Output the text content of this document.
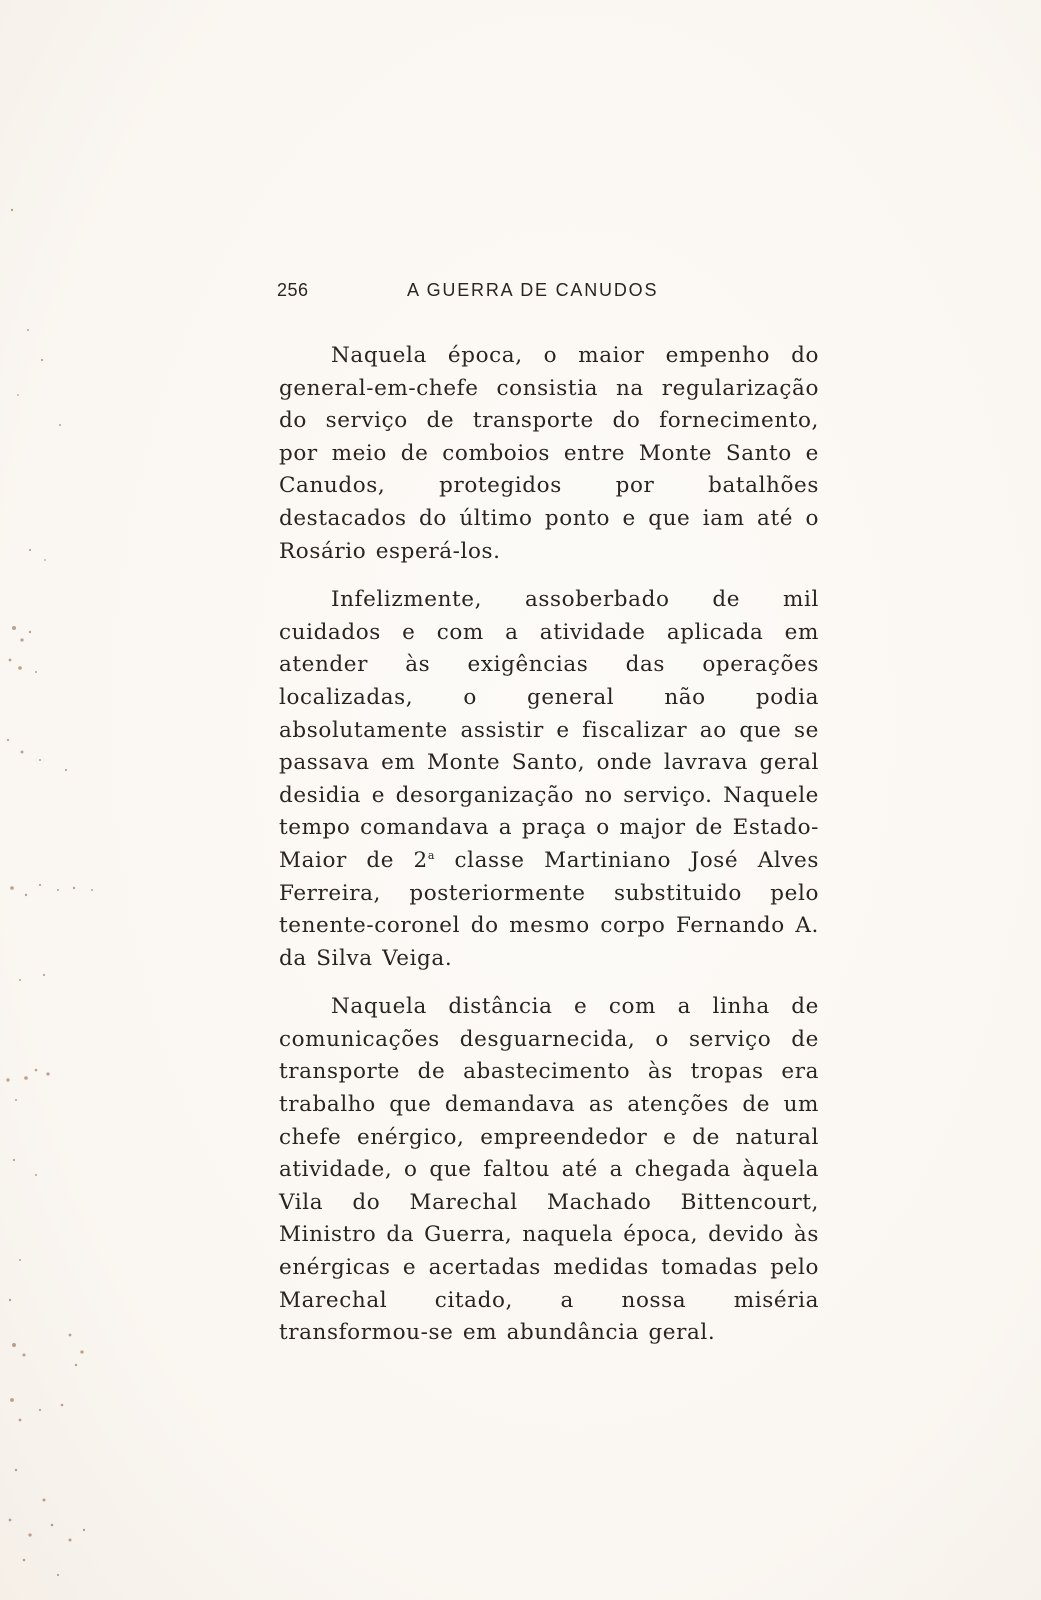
256	A GUERRA DE CANUDOS

Naquela época, o maior empenho do general-em-chefe consistia na regularização do serviço de transporte do fornecimento, por meio de comboios entre Monte Santo e Canudos, protegidos por batalhões destacados do último ponto e que iam até o Rosário esperá-los.

Infelizmente, assoberbado de mil cuidados e com a atividade aplicada em atender às exigências das operações localizadas, o general não podia absolutamente assistir e fiscalizar ao que se passava em Monte Santo, onde lavrava geral desidia e desorganização no serviço. Naquele tempo comandava a praça o major de Estado-Maior de 2$^a$ classe Martiniano José Alves Ferreira, posteriormente substituido pelo tenente-coronel do mesmo corpo Fernando A. da Silva Veiga.

Naquela distância e com a linha de comunicações desguarnecida, o serviço de transporte de abastecimento às tropas era trabalho que demandava as atenções de um chefe enérgico, empreendedor e de natural atividade, o que faltou até a chegada àquela Vila do Marechal Machado Bittencourt, Ministro da Guerra, naquela época, devido às enérgicas e acertadas medidas tomadas pelo Marechal citado, a nossa miséria transformou-se em abundância geral.
